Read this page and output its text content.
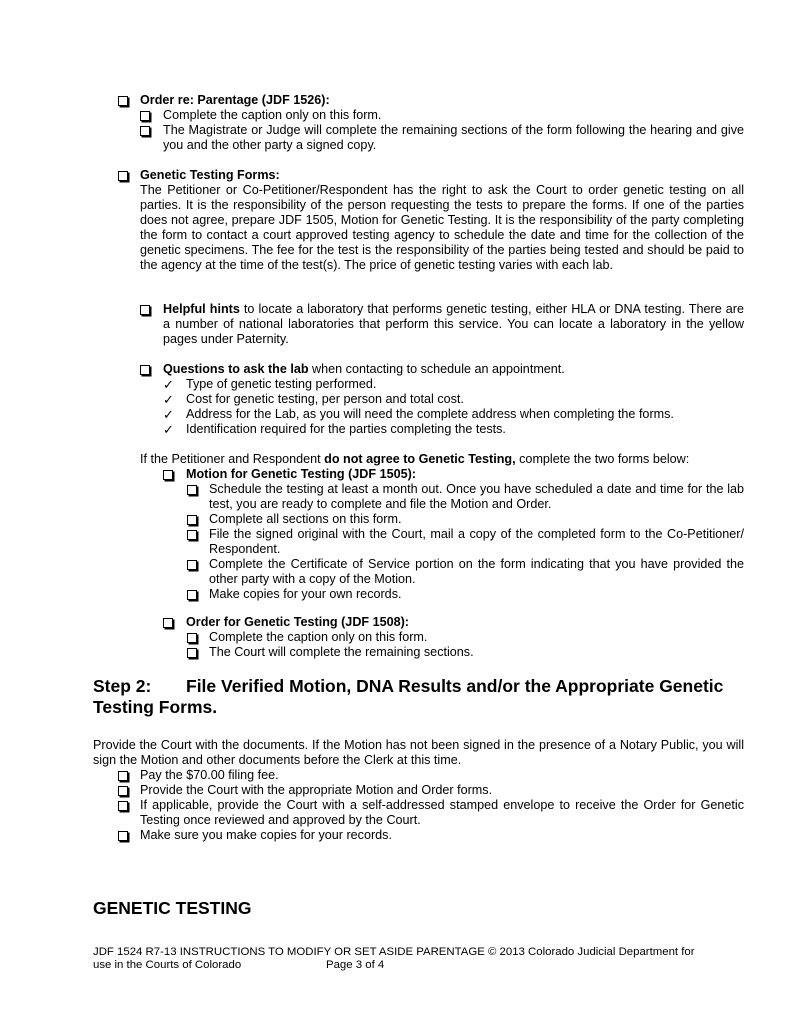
Order re: Parentage (JDF 1526):
Complete the caption only on this form.
The Magistrate or Judge will complete the remaining sections of the form following the hearing and give you and the other party a signed copy.
Genetic Testing Forms:
The Petitioner or Co-Petitioner/Respondent has the right to ask the Court to order genetic testing on all parties. It is the responsibility of the person requesting the tests to prepare the forms. If one of the parties does not agree, prepare JDF 1505, Motion for Genetic Testing. It is the responsibility of the party completing the form to contact a court approved testing agency to schedule the date and time for the collection of the genetic specimens. The fee for the test is the responsibility of the parties being tested and should be paid to the agency at the time of the test(s). The price of genetic testing varies with each lab.
Helpful hints to locate a laboratory that performs genetic testing, either HLA or DNA testing. There are a number of national laboratories that perform this service. You can locate a laboratory in the yellow pages under Paternity.
Questions to ask the lab when contacting to schedule an appointment.
✓ Type of genetic testing performed.
✓ Cost for genetic testing, per person and total cost.
✓ Address for the Lab, as you will need the complete address when completing the forms.
✓ Identification required for the parties completing the tests.
If the Petitioner and Respondent do not agree to Genetic Testing, complete the two forms below:
Motion for Genetic Testing (JDF 1505):
Schedule the testing at least a month out. Once you have scheduled a date and time for the lab test, you are ready to complete and file the Motion and Order.
Complete all sections on this form.
File the signed original with the Court, mail a copy of the completed form to the Co-Petitioner/ Respondent.
Complete the Certificate of Service portion on the form indicating that you have provided the other party with a copy of the Motion.
Make copies for your own records.
Order for Genetic Testing (JDF 1508):
Complete the caption only on this form.
The Court will complete the remaining sections.
Step 2:	File Verified Motion, DNA Results and/or the Appropriate Genetic Testing Forms.
Provide the Court with the documents. If the Motion has not been signed in the presence of a Notary Public, you will sign the Motion and other documents before the Clerk at this time.
Pay the $70.00 filing fee.
Provide the Court with the appropriate Motion and Order forms.
If applicable, provide the Court with a self-addressed stamped envelope to receive the Order for Genetic Testing once reviewed and approved by the Court.
Make sure you make copies for your records.
GENETIC TESTING
JDF 1524 R7-13 INSTRUCTIONS TO MODIFY OR SET ASIDE PARENTAGE © 2013 Colorado Judicial Department for
use in the Courts of Colorado	Page 3 of 4
